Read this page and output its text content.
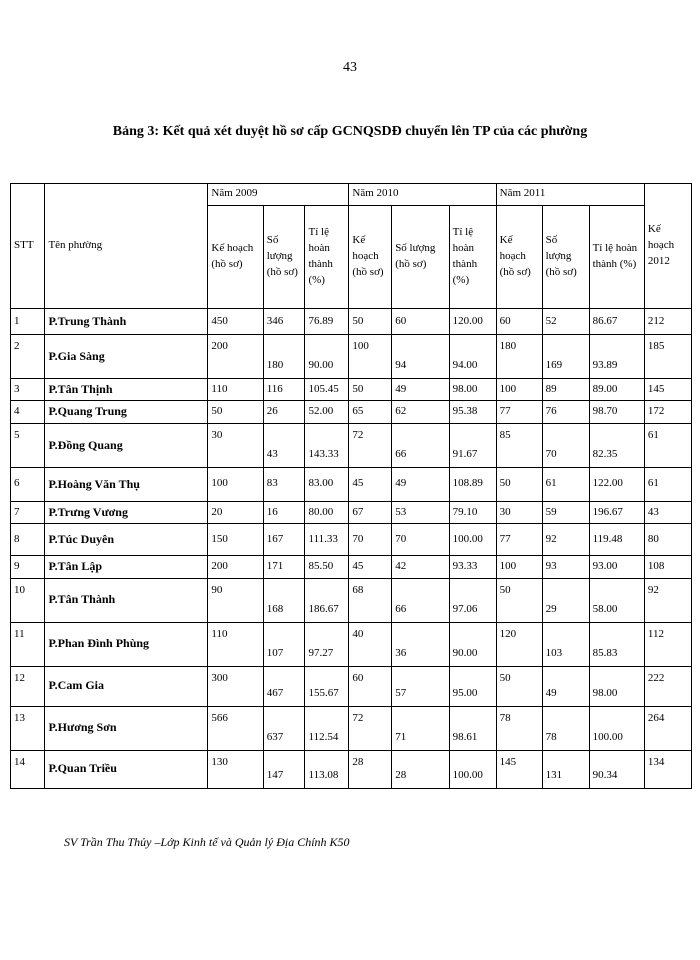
43
Bảng 3: Kết quả xét duyệt hồ sơ cấp GCNQSDĐ chuyển lên TP của các phường
STT	Tên phường	Năm 2009			Năm 2010			Năm 2011			Kế hoạch 2012
		Kế hoạch (hồ sơ)	Số lượng (hồ sơ)	Tỉ lệ hoàn thành (%)	Kế hoạch (hồ sơ)	Số lượng (hồ sơ)	Tỉ lệ hoàn thành (%)	Kế hoạch (hồ sơ)	Số lượng (hồ sơ)	Tỉ lệ hoàn thành (%)	
1	P.Trung Thành	450	346	76.89	50	60	120.00	60	52	86.67	212
2	P.Gia Sàng	200	180	90.00	100	94	94.00	180	169	93.89	185
3	P.Tân Thịnh	110	116	105.45	50	49	98.00	100	89	89.00	145
4	P.Quang Trung	50	26	52.00	65	62	95.38	77	76	98.70	172
5	P.Đồng Quang	30	43	143.33	72	66	91.67	85	70	82.35	61
6	P.Hoàng Văn Thụ	100	83	83.00	45	49	108.89	50	61	122.00	61
7	P.Trưng Vương	20	16	80.00	67	53	79.10	30	59	196.67	43
8	P.Túc Duyên	150	167	111.33	70	70	100.00	77	92	119.48	80
9	P.Tân Lập	200	171	85.50	45	42	93.33	100	93	93.00	108
10	P.Tân Thành	90	168	186.67	68	66	97.06	50	29	58.00	92
11	P.Phan Đình Phùng	110	107	97.27	40	36	90.00	120	103	85.83	112
12	P.Cam Gia	300	467	155.67	60	57	95.00	50	49	98.00	222
13	P.Hương Sơn	566	637	112.54	72	71	98.61	78	78	100.00	264
14	P.Quan Triều	130	147	113.08	28	28	100.00	145	131	90.34	134
SV Trần Thu Thủy –Lớp Kinh tế và Quản lý Địa Chính K50
